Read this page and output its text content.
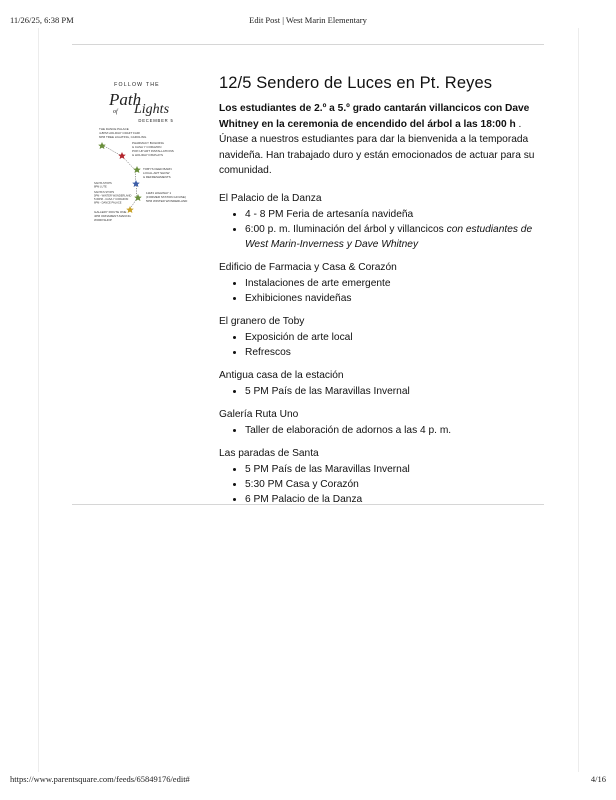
11/26/25, 6:38 PM	Edit Post | West Marin Elementary
FOLLOW THE
Path
of Lights
DECEMBER 5
THE DANCE PALACE 4-8PM HOLIDAY CRAFT FAIR 6PM TREE LIGHTING, CAROLING
PHARMACY BUILDING & CASA Y CORAZON POP-UP ART INSTALLATIONS & HOLIDAY DISPLAYS
TOBY'S FEED BARN LOCAL ART SHOW & REFRESHMENTS
SANTA STOPS 8PM LUTE SANTA'S STOPS 5PM - WINTER WONDERLAND 5:30PM - CASA Y CORAZON 6PM - DANCE PALACE
11183 HIGHWAY 1 (FORMER STATION HOUSE) 5PM WINTER WONDERLAND
GALLERY ROUTE ONE 4PM ORNAMENT-MAKING WORKSHOP
12/5 Sendero de Luces en Pt. Reyes

Los estudiantes de 2.º a 5.º grado cantarán villancicos con Dave Whitney en la ceremonia de encendido del árbol a las 18:00 h . Únase a nuestros estudiantes para dar la bienvenida a la temporada navideña. Han trabajado duro y están emocionados de actuar para su comunidad.

El Palacio de la Danza

• 4 - 8 PM Feria de artesanía navideña
• 6:00 p. m. Iluminación del árbol y villancicos con estudiantes de West Marin-Inverness y Dave Whitney

Edificio de Farmacia y Casa & Corazón

• Instalaciones de arte emergente
• Exhibiciones navideñas

El granero de Toby

• Exposición de arte local
• Refrescos

Antigua casa de la estación

• 5 PM País de las Maravillas Invernal

Galería Ruta Uno

• Taller de elaboración de adornos a las 4 p. m.

Las paradas de Santa

• 5 PM País de las Maravillas Invernal
• 5:30 PM Casa y Corazón
• 6 PM Palacio de la Danza
https://www.parentsquare.com/feeds/65849176/edit#	4/16
